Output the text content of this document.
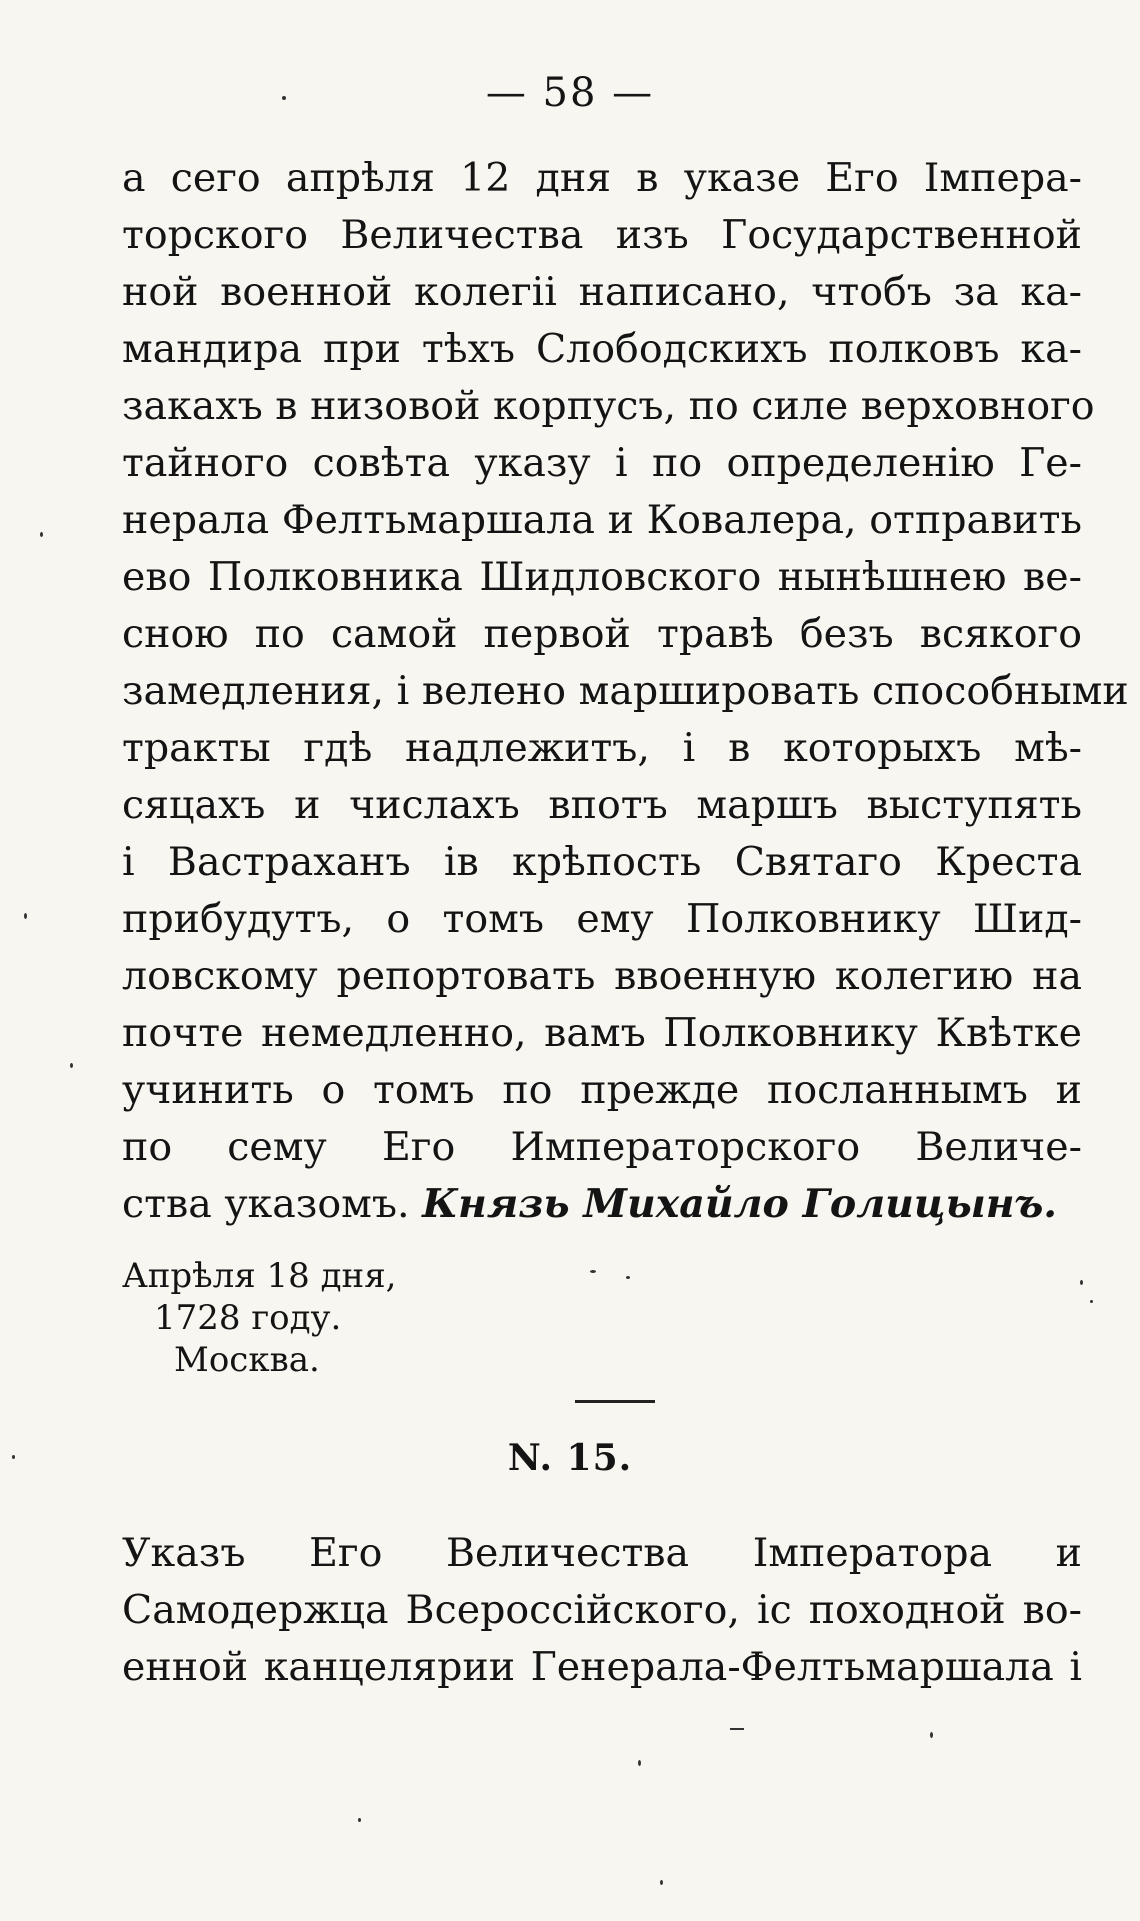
— 58 —
а сего апрѣля 12 дня в указе Его Імпера-
торского Величества изъ Государственной
ной военной колегіі написано, чтобъ за ка-
мандира при тѣхъ Слободскихъ полковъ ка-
закахъ в низовой корпусъ, по силе верховного
тайного совѣта указу і по определенію Ге-
нерала Фелтьмаршала и Ковалера, отправить
ево Полковника Шидловского нынѣшнею ве-
сною по самой первой травѣ безъ всякого
замедления, і велено маршировать способными
тракты гдѣ надлежитъ, і в которыхъ мѣ-
сяцахъ и числахъ впотъ маршъ выступять
і Вастраханъ ів крѣпость Святаго Креста
прибудутъ, о томъ ему Полковнику Шид-
ловскому репортовать ввоенную колегию на
почте немедленно, вамъ Полковнику Квѣтке
учинить о томъ по прежде посланнымъ и
по сему Его Императорского Величе-
ства указомъ. Князь Михайло Голицынъ.
Апрѣля 18 дня,
1728 году.
Москва.
N. 15.
Указъ Его Величества Імператора и
Самодержца Всероссійского, іс походной во-
енной канцелярии Генерала-Фелтьмаршала і
